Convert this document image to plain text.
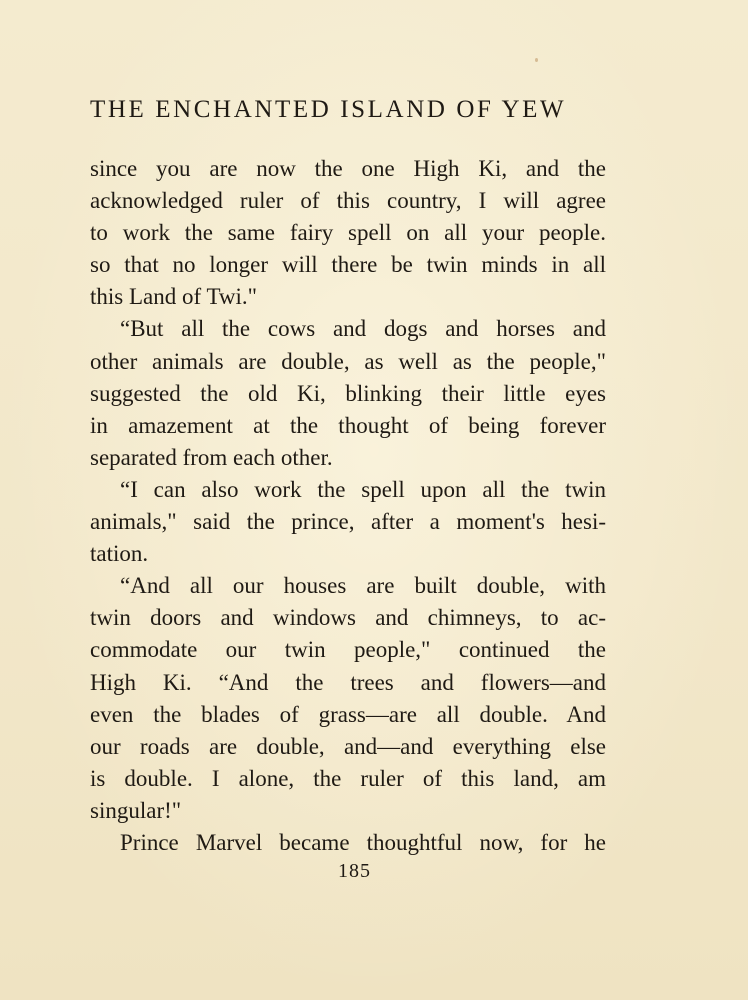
THE ENCHANTED ISLAND OF YEW
since you are now the one High Ki, and the
acknowledged ruler of this country, I will agree
to work the same fairy spell on all your people.
so that no longer will there be twin minds in all
this Land of Twi."
“But all the cows and dogs and horses and
other animals are double, as well as the people,"
suggested the old Ki, blinking their little eyes
in amazement at the thought of being forever
separated from each other.
“I can also work the spell upon all the twin
animals," said the prince, after a moment's hesi-
tation.
“And all our houses are built double, with
twin doors and windows and chimneys, to ac-
commodate our twin people," continued the
High Ki. “And the trees and flowers—and
even the blades of grass—are all double. And
our roads are double, and—and everything else
is double. I alone, the ruler of this land, am
singular!"
Prince Marvel became thoughtful now, for he
185
